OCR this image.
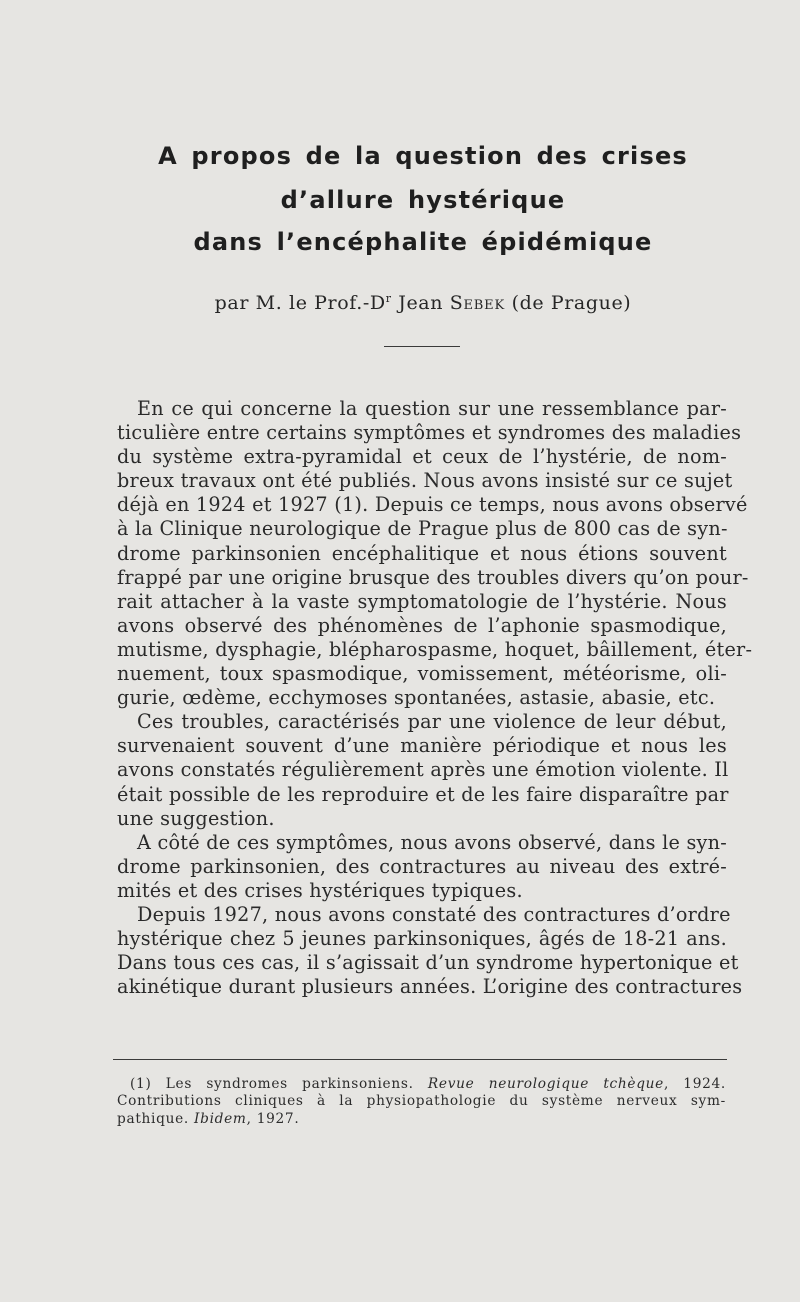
A propos de la question des crises
d’allure hystérique
dans l’encéphalite épidémique
par M. le $Prof.-D^r$ Jean Sebek (de Prague)
En ce qui concerne la question sur une ressemblance par-
ticulière entre certains symptômes et syndromes des maladies
du système extra-pyramidal et ceux de l’hystérie, de nom-
breux travaux ont été publiés. Nous avons insisté sur ce sujet
déjà en 1924 et 1927 (1). Depuis ce temps, nous avons observé
à la Clinique neurologique de Prague plus de 800 cas de syn-
drome parkinsonien encéphalitique et nous étions souvent
frappé par une origine brusque des troubles divers qu’on pour-
rait attacher à la vaste symptomatologie de l’hystérie. Nous
avons observé des phénomènes de l’aphonie spasmodique,
mutisme, dysphagie, blépharospasme, hoquet, bâillement, éter-
nuement, toux spasmodique, vomissement, météorisme, oli-
gurie, œdème, ecchymoses spontanées, astasie, abasie, etc.
Ces troubles, caractérisés par une violence de leur début,
survenaient souvent d’une manière périodique et nous les
avons constatés régulièrement après une émotion violente. Il
était possible de les reproduire et de les faire disparaître par
une suggestion.
A côté de ces symptômes, nous avons observé, dans le syn-
drome parkinsonien, des contractures au niveau des extré-
mités et des crises hystériques typiques.
Depuis 1927, nous avons constaté des contractures d’ordre
hystérique chez 5 jeunes parkinsoniques, âgés de 18-21 ans.
Dans tous ces cas, il s’agissait d’un syndrome hypertonique et
akinétique durant plusieurs années. L’origine des contractures
(1) Les syndromes parkinsoniens. Revue neurologique tchèque, 1924.
Contributions cliniques à la physiopathologie du système nerveux sym-
pathique. Ibidem, 1927.
